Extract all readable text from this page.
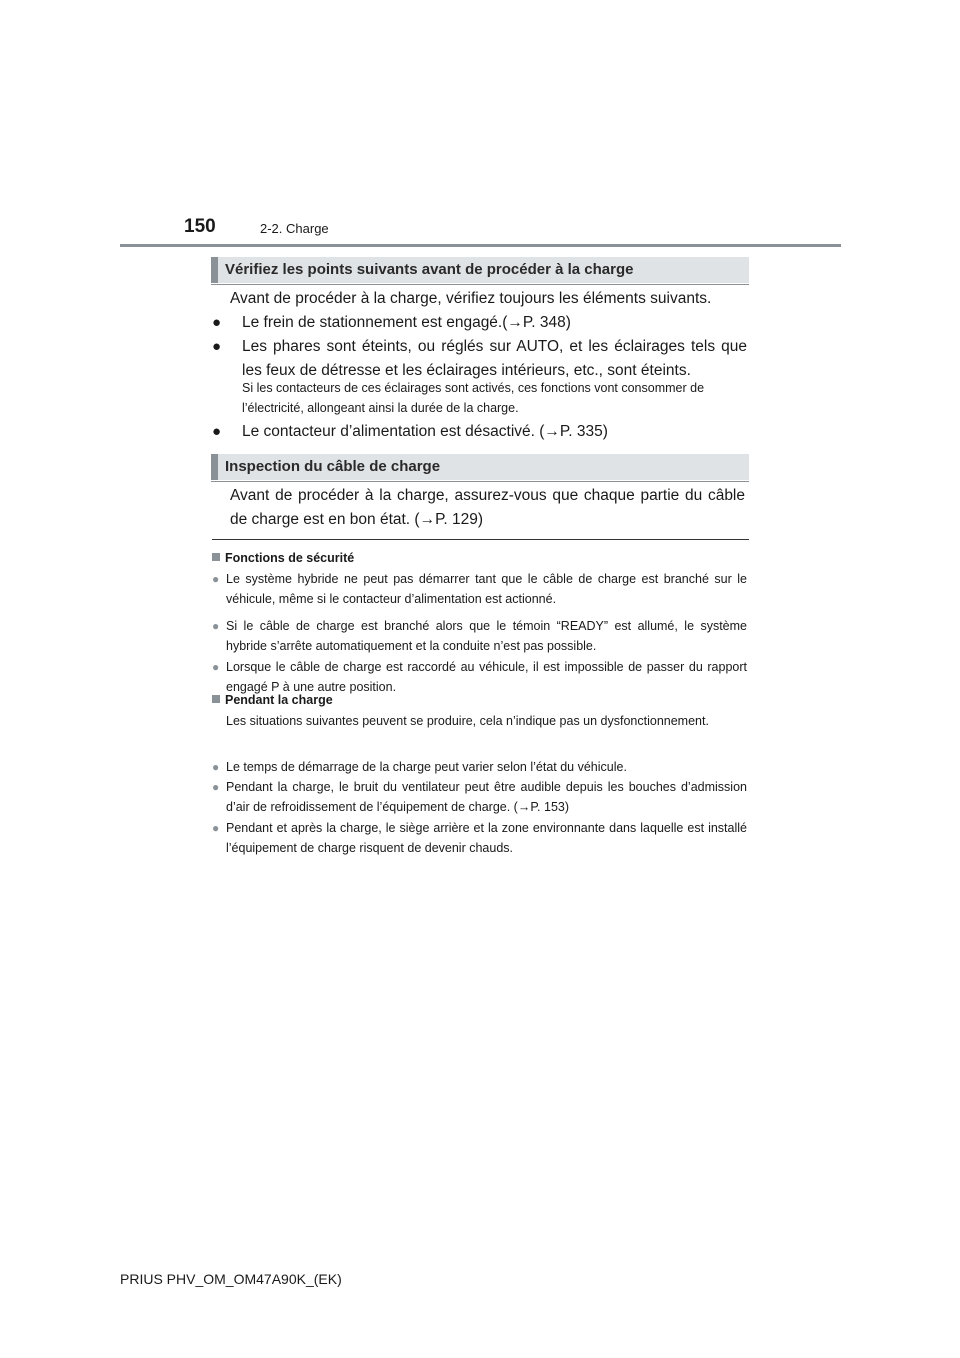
150	2-2. Charge
Vérifiez les points suivants avant de procéder à la charge
Avant de procéder à la charge, vérifiez toujours les éléments suivants.
● Le frein de stationnement est engagé.(→P. 348)
● Les phares sont éteints, ou réglés sur AUTO, et les éclairages tels que les feux de détresse et les éclairages intérieurs, etc., sont éteints.
Si les contacteurs de ces éclairages sont activés, ces fonctions vont consommer de l’électricité, allongeant ainsi la durée de la charge.
● Le contacteur d’alimentation est désactivé. (→P. 335)
Inspection du câble de charge
Avant de procéder à la charge, assurez-vous que chaque partie du câble de charge est en bon état. (→P. 129)
Fonctions de sécurité
● Le système hybride ne peut pas démarrer tant que le câble de charge est branché sur le véhicule, même si le contacteur d’alimentation est actionné.
● Si le câble de charge est branché alors que le témoin “READY” est allumé, le système hybride s’arrête automatiquement et la conduite n’est pas possible.
● Lorsque le câble de charge est raccordé au véhicule, il est impossible de passer du rapport engagé P à une autre position.
Pendant la charge
Les situations suivantes peuvent se produire, cela n’indique pas un dysfonctionnement.
● Le temps de démarrage de la charge peut varier selon l’état du véhicule.
● Pendant la charge, le bruit du ventilateur peut être audible depuis les bouches d’admission d’air de refroidissement de l’équipement de charge. (→P. 153)
● Pendant et après la charge, le siège arrière et la zone environnante dans laquelle est installé l’équipement de charge risquent de devenir chauds.
PRIUS PHV_OM_OM47A90K_(EK)
